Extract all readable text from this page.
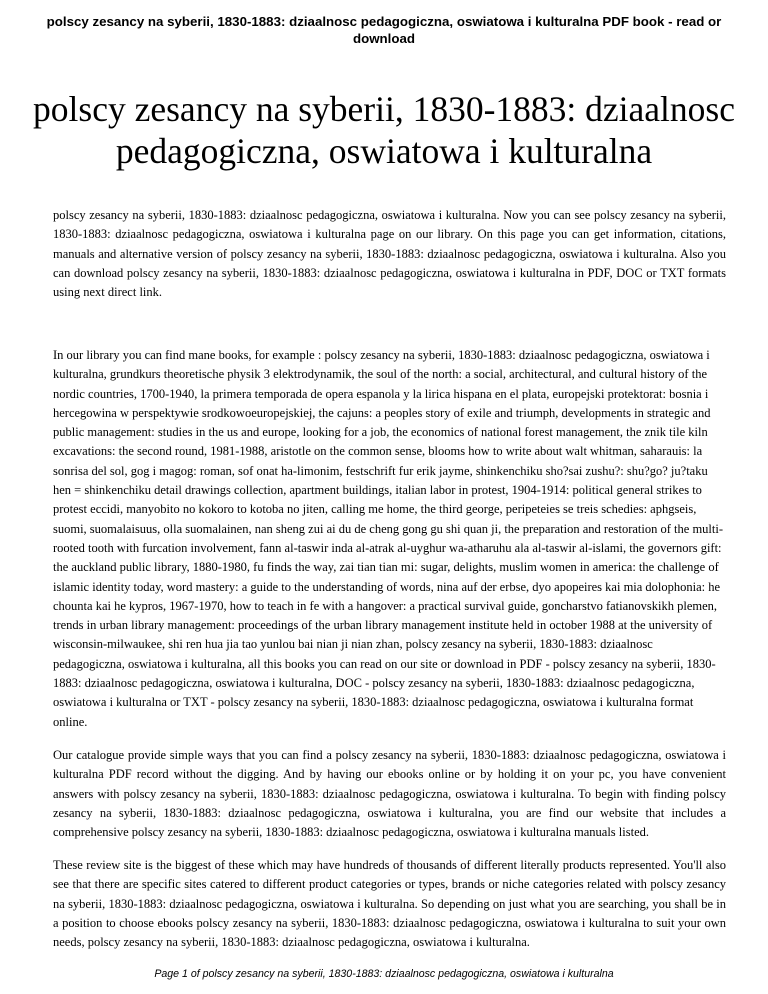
polscy zesancy na syberii, 1830-1883: dziaalnosc pedagogiczna, oswiatowa i kulturalna PDF book - read or download
polscy zesancy na syberii, 1830-1883: dziaalnosc pedagogiczna, oswiatowa i kulturalna

polscy zesancy na syberii, 1830-1883: dziaalnosc pedagogiczna, oswiatowa i kulturalna. Now you can see polscy zesancy na syberii, 1830-1883: dziaalnosc pedagogiczna, oswiatowa i kulturalna page on our library. On this page you can get information, citations, manuals and alternative version of polscy zesancy na syberii, 1830-1883: dziaalnosc pedagogiczna, oswiatowa i kulturalna. Also you can download polscy zesancy na syberii, 1830-1883: dziaalnosc pedagogiczna, oswiatowa i kulturalna in PDF, DOC or TXT formats using next direct link.

In our library you can find mane books, for example : polscy zesancy na syberii, 1830-1883: dziaalnosc pedagogiczna, oswiatowa i kulturalna, grundkurs theoretische physik 3 elektrodynamik, the soul of the north: a social, architectural, and cultural history of the nordic countries, 1700-1940, la primera temporada de opera espanola y la lirica hispana en el plata, europejski protektorat: bosnia i hercegowina w perspektywie srodkowoeuropejskiej, the cajuns: a peoples story of exile and triumph, developments in strategic and public management: studies in the us and europe, looking for a job, the economics of national forest management, the znik tile kiln excavations: the second round, 1981-1988, aristotle on the common sense, blooms how to write about walt whitman, saharauis: la sonrisa del sol, gog i magog: roman, sof onat ha-limonim, festschrift fur erik jayme, shinkenchiku sho?sai zushu?: shu?go? ju?taku hen = shinkenchiku detail drawings collection, apartment buildings, italian labor in protest, 1904-1914: political general strikes to protest eccidi, manyobito no kokoro to kotoba no jiten, calling me home, the third george, peripeteies se treis schedies: aphgseis, suomi, suomalaisuus, olla suomalainen, nan sheng zui ai du de cheng gong gu shi quan ji, the preparation and restoration of the multi-rooted tooth with furcation involvement, fann al-taswir inda al-atrak al-uyghur wa-atharuhu ala al-taswir al-islami, the governors gift: the auckland public library, 1880-1980, fu finds the way, zai tian tian mi: sugar, delights, muslim women in america: the challenge of islamic identity today, word mastery: a guide to the understanding of words, nina auf der erbse, dyo apopeires kai mia dolophonia: he chounta kai he kypros, 1967-1970, how to teach in fe with a hangover: a practical survival guide, goncharstvo fatianovskikh plemen, trends in urban library management: proceedings of the urban library management institute held in october 1988 at the university of wisconsin-milwaukee, shi ren hua jia tao yunlou bai nian ji nian zhan, polscy zesancy na syberii, 1830-1883: dziaalnosc pedagogiczna, oswiatowa i kulturalna, all this books you can read on our site or download in PDF - polscy zesancy na syberii, 1830-1883: dziaalnosc pedagogiczna, oswiatowa i kulturalna, DOC - polscy zesancy na syberii, 1830-1883: dziaalnosc pedagogiczna, oswiatowa i kulturalna or TXT - polscy zesancy na syberii, 1830-1883: dziaalnosc pedagogiczna, oswiatowa i kulturalna format online.

Our catalogue provide simple ways that you can find a polscy zesancy na syberii, 1830-1883: dziaalnosc pedagogiczna, oswiatowa i kulturalna PDF record without the digging. And by having our ebooks online or by holding it on your pc, you have convenient answers with polscy zesancy na syberii, 1830-1883: dziaalnosc pedagogiczna, oswiatowa i kulturalna. To begin with finding polscy zesancy na syberii, 1830-1883: dziaalnosc pedagogiczna, oswiatowa i kulturalna, you are find our website that includes a comprehensive polscy zesancy na syberii, 1830-1883: dziaalnosc pedagogiczna, oswiatowa i kulturalna manuals listed.

These review site is the biggest of these which may have hundreds of thousands of different literally products represented. You'll also see that there are specific sites catered to different product categories or types, brands or niche categories related with polscy zesancy na syberii, 1830-1883: dziaalnosc pedagogiczna, oswiatowa i kulturalna. So depending on just what you are searching, you shall be in a position to choose ebooks polscy zesancy na syberii, 1830-1883: dziaalnosc pedagogiczna, oswiatowa i kulturalna to suit your own needs, polscy zesancy na syberii, 1830-1883: dziaalnosc pedagogiczna, oswiatowa i kulturalna.

Page 1 of polscy zesancy na syberii, 1830-1883: dziaalnosc pedagogiczna, oswiatowa i kulturalna
